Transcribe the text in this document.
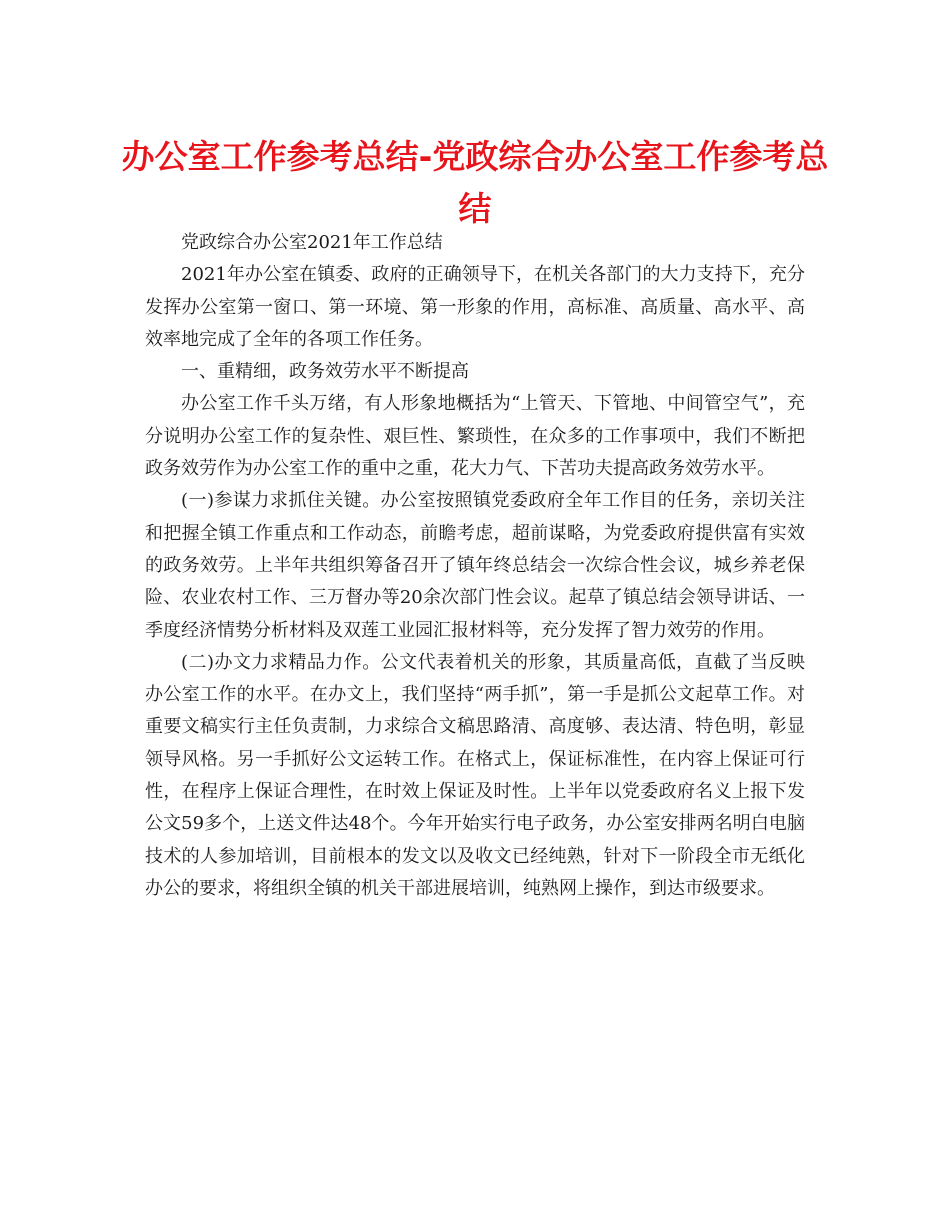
办公室工作参考总结-党政综合办公室工作参考总结

党政综合办公室2021年工作总结

2021年办公室在镇委、政府的正确领导下，在机关各部门的大力支持下，充分发挥办公室第一窗口、第一环境、第一形象的作用，高标准、高质量、高水平、高效率地完成了全年的各项工作任务。

一、重精细，政务效劳水平不断提高

办公室工作千头万绪，有人形象地概括为“上管天、下管地、中间管空气”，充分说明办公室工作的复杂性、艰巨性、繁琐性，在众多的工作事项中，我们不断把政务效劳作为办公室工作的重中之重，花大力气、下苦功夫提高政务效劳水平。

(一)参谋力求抓住关键。办公室按照镇党委政府全年工作目的任务，亲切关注和把握全镇工作重点和工作动态，前瞻考虑，超前谋略，为党委政府提供富有实效的政务效劳。上半年共组织筹备召开了镇年终总结会一次综合性会议，城乡养老保险、农业农村工作、三万督办等20余次部门性会议。起草了镇总结会领导讲话、一季度经济情势分析材料及双莲工业园汇报材料等，充分发挥了智力效劳的作用。

(二)办文力求精品力作。公文代表着机关的形象，其质量高低，直截了当反映办公室工作的水平。在办文上，我们坚持“两手抓”，第一手是抓公文起草工作。对重要文稿实行主任负责制，力求综合文稿思路清、高度够、表达清、特色明，彰显领导风格。另一手抓好公文运转工作。在格式上，保证标准性，在内容上保证可行性，在程序上保证合理性，在时效上保证及时性。上半年以党委政府名义上报下发公文59多个，上送文件达48个。今年开始实行电子政务，办公室安排两名明白电脑技术的人参加培训，目前根本的发文以及收文已经纯熟，针对下一阶段全市无纸化办公的要求，将组织全镇的机关干部进展培训，纯熟网上操作，到达市级要求。
